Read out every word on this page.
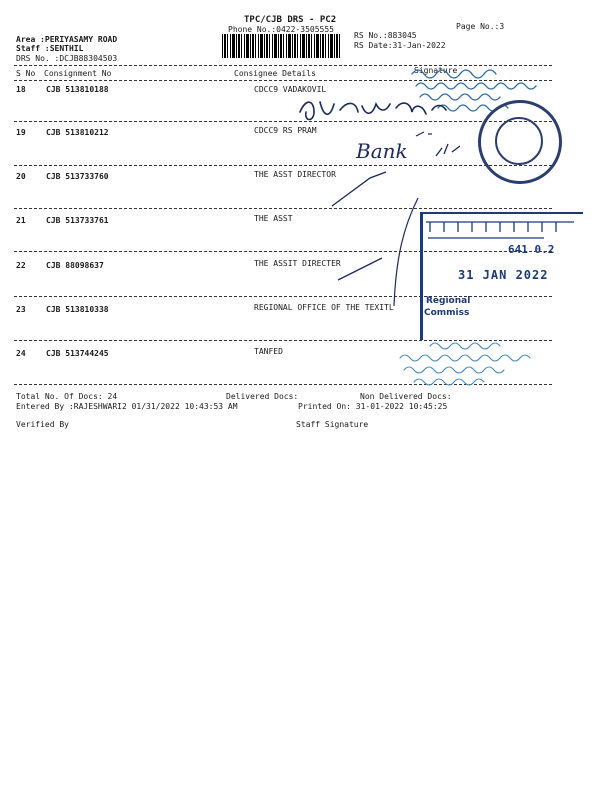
TPC/CJB DRS - PC2
Phone No.:0422-3505555	Page No.:3
Area :PERIYASAMY ROAD
Staff :SENTHIL
DRS No. :DCJB88304503
RS No.:883045
RS Date:31-Jan-2022
S No Consignment No	Consignee Details	Signature
18	CJB 513810188	CDCC9 VADAKOVIL
19	CJB 513810212	CDCC9 RS PRAM
20	CJB 513733760	THE ASST DIRECTOR
21	CJB 513733761	THE ASST
22	CJB 88098637	THE ASSIT DIRECTER
23	CJB 513810338	REGIONAL OFFICE OF THE TEXITL
24	CJB 513744245	TANFED
Total No. Of Docs: 24	Delivered Docs:	Non Delivered Docs:
Entered By :RAJESHWARI2 01/31/2022 10:43:53 AM	Printed On: 31-01-2022 10:45:25
Verified By	Staff Signature
Bank
641 0.2
31 JAN 2022
Regional
Commiss
